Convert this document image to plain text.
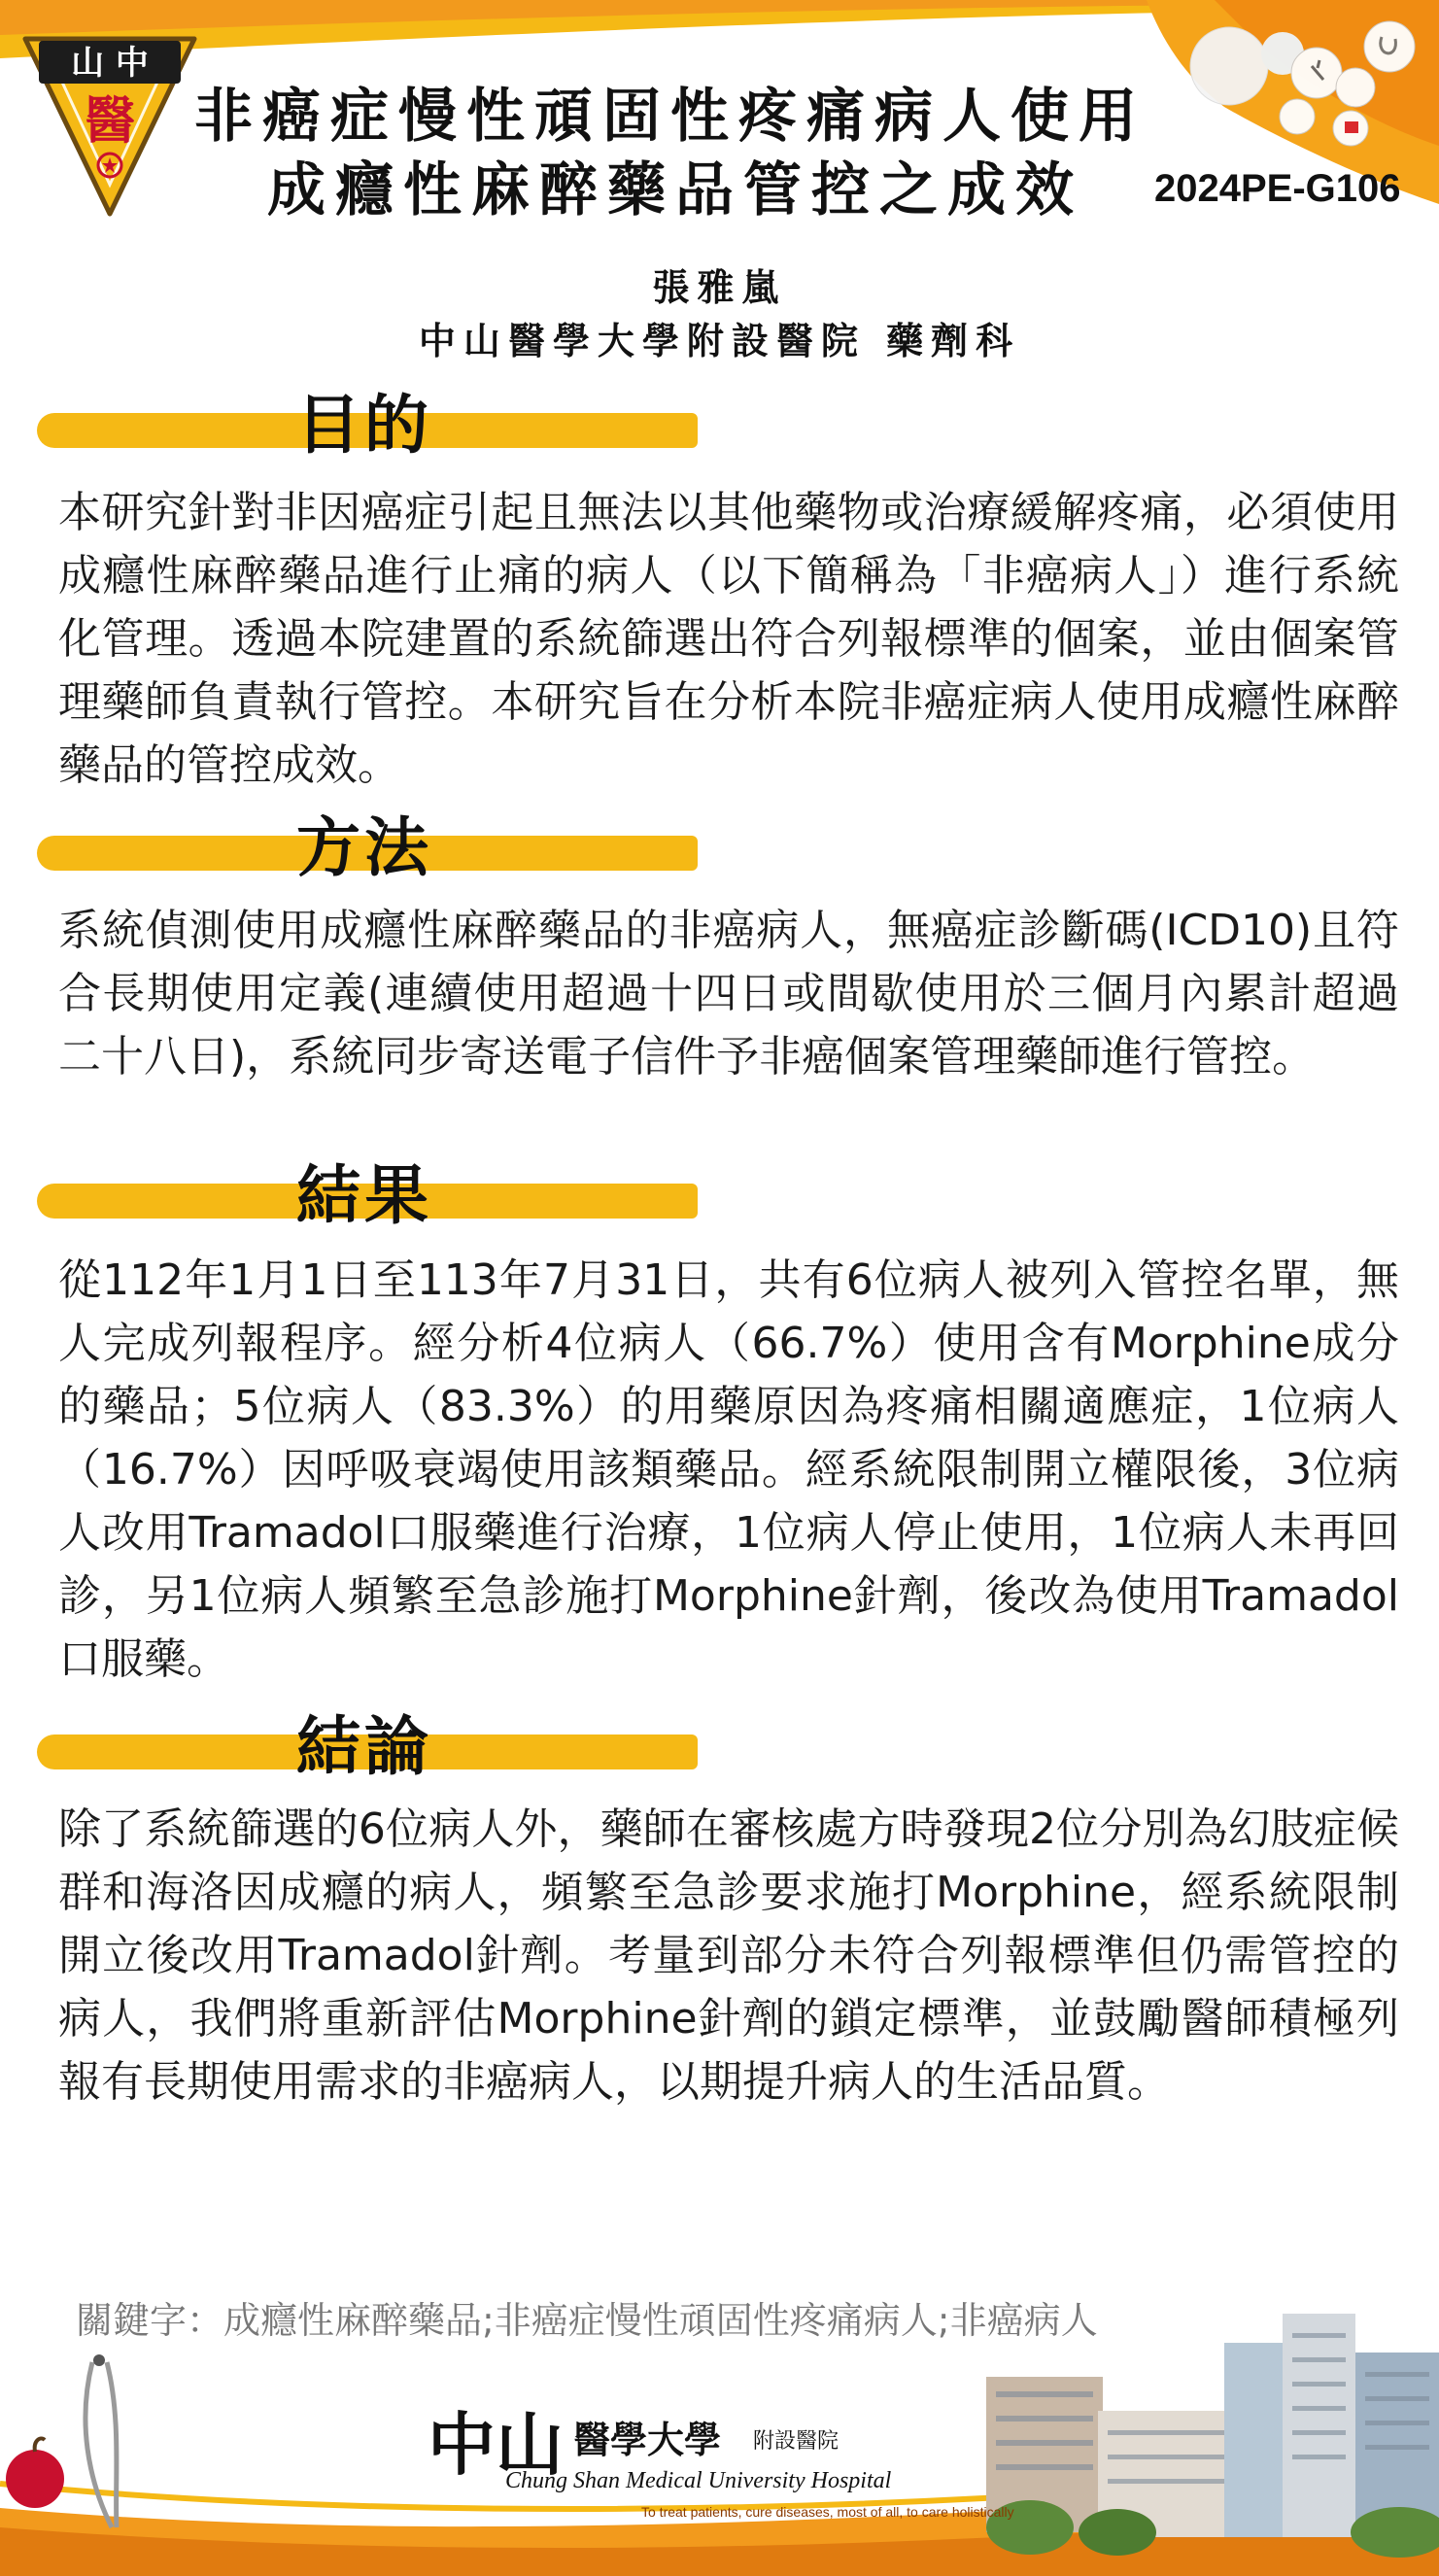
山 中
醫 非癌症慢性頑固性疼痛病人使用
成癮性麻醉藥品管控之成效 2024PE-G106
張雅嵐
中山醫學大學附設醫院 藥劑科
目的
本研究針對非因癌症引起且無法以其他藥物或治療緩解疼痛，必須使用成癮性麻醉藥品進行止痛的病人（以下簡稱為「非癌病人」）進行系統化管理。透過本院建置的系統篩選出符合列報標準的個案，並由個案管理藥師負責執行管控。本研究旨在分析本院非癌症病人使用成癮性麻醉藥品的管控成效。
方法
系統偵測使用成癮性麻醉藥品的非癌病人，無癌症診斷碼(ICD10)且符合長期使用定義(連續使用超過十四日或間歇使用於三個月內累計超過二十八日)，系統同步寄送電子信件予非癌個案管理藥師進行管控。
結果
從112年1月1日至113年7月31日，共有6位病人被列入管控名單，無人完成列報程序。經分析4位病人（66.7%）使用含有Morphine成分的藥品；5位病人（83.3%）的用藥原因為疼痛相關適應症，1位病人（16.7%）因呼吸衰竭使用該類藥品。經系統限制開立權限後，3位病人改用Tramadol口服藥進行治療，1位病人停止使用，1位病人未再回診，另1位病人頻繁至急診施打Morphine針劑，後改為使用Tramadol口服藥。
結論
除了系統篩選的6位病人外，藥師在審核處方時發現2位分別為幻肢症候群和海洛因成癮的病人，頻繁至急診要求施打Morphine，經系統限制開立後改用Tramadol針劑。考量到部分未符合列報標準但仍需管控的病人，我們將重新評估Morphine針劑的鎖定標準，並鼓勵醫師積極列報有長期使用需求的非癌病人，以期提升病人的生活品質。
關鍵字：成癮性麻醉藥品;非癌症慢性頑固性疼痛病人;非癌病人
中山 醫學大學 附設醫院
Chung Shan Medical University Hospital
To treat patients, cure diseases, most of all, to care holistically
